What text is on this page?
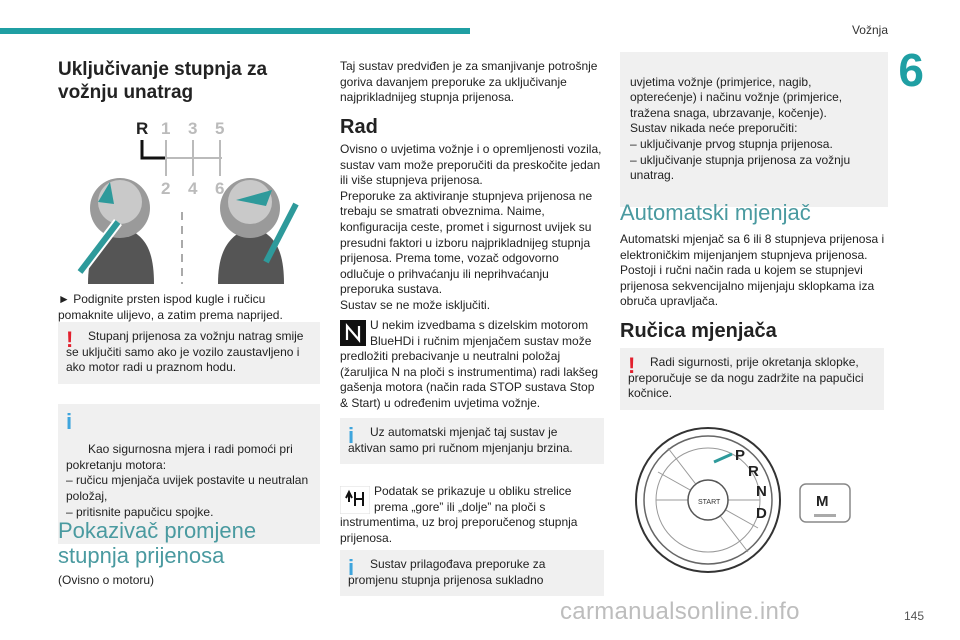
Vožnja
6
Uključivanje stupnja za vožnju unatrag
R 1 3 5
2 4 6

► Podignite prsten ispod kugle i ručicu pomaknite ulijevo, a zatim prema naprijed.

!	Stupanj prijenosa za vožnju natrag smije se uključiti samo ako je vozilo zaustavljeno i ako motor radi u praznom hodu.

i

Kao sigurnosna mjera i radi pomoći pri pokretanju motora:
– ručicu mjenjača uvijek postavite u neutralan položaj,
– pritisnite papučicu spojke.

Pokazivač promjene stupnja prijenosa

(Ovisno o motoru)

Taj sustav predviđen je za smanjivanje potrošnje goriva davanjem preporuke za uključivanje najprikladnijeg stupnja prijenosa.

Rad

Ovisno o uvjetima vožnje i o opremljenosti vozila, sustav vam može preporučiti da preskočite jedan ili više stupnjeva prijenosa.
Preporuke za aktiviranje stupnjeva prijenosa ne trebaju se smatrati obveznima. Naime, konfiguracija ceste, promet i sigurnost uvijek su presudni faktori u izboru najprikladnijeg stupnja prijenosa. Prema tome, vozač odgovorno odlučuje o prihvaćanju ili neprihvaćanju preporuka sustava.
Sustav se ne može isključiti.

U nekim izvedbama s dizelskim motorom BlueHDi i ručnim mjenjačem sustav može predložiti prebacivanje u neutralni položaj (žaruljica N na ploči s instrumentima) radi lakšeg gašenja motora (način rada STOP sustava Stop & Start) u određenim uvjetima vožnje.

i	Uz automatski mjenjač taj sustav je aktivan samo pri ručnom mjenjanju brzina.

Podatak se prikazuje u obliku strelice prema „gore” ili „dolje” na ploči s instrumentima, uz broj preporučenog stupnja prijenosa.

i	Sustav prilagođava preporuke za promjenu stupnja prijenosa sukladno

uvjetima vožnje (primjerice, nagib, opterećenje) i načinu vožnje (primjerice, tražena snaga, ubrzavanje, kočenje).
Sustav nikada neće preporučiti:
– uključivanje prvog stupnja prijenosa.
– uključivanje stupnja prijenosa za vožnju unatrag.

Automatski mjenjač

Automatski mjenjač sa 6 ili 8 stupnjeva prijenosa i elektroničkim mijenjanjem stupnjeva prijenosa. Postoji i ručni način rada u kojem se stupnjevi prijenosa sekvencijalno mijenjaju sklopkama iza obruča upravljača.

Ručica mjenjača
!	Radi sigurnosti, prije okretanja sklopke, preporučuje se da nogu zadržite na papučici kočnice.
START
P
R
N
D
M
carmanualsonline.info	145
